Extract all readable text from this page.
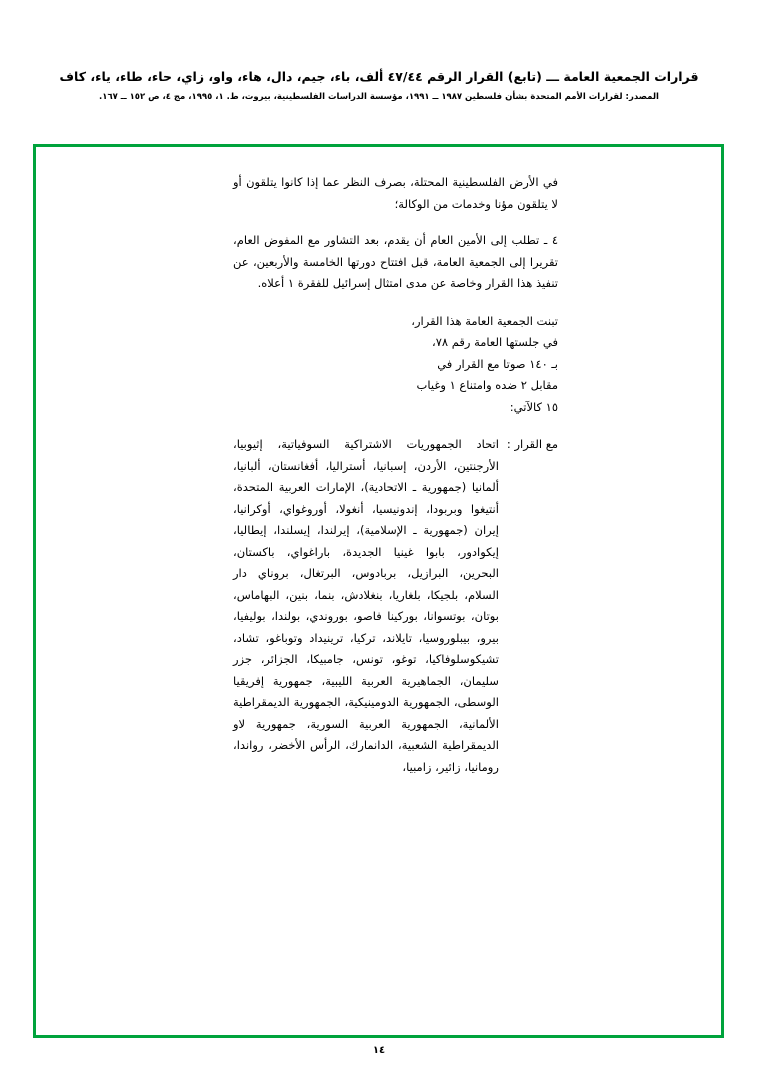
قرارات الجمعية العامة ـــ (تابع) القرار الرقم ٤٧/٤٤ ألف، باء، جيم، دال، هاء، واو، زاي، حاء، طاء، ياء، كاف
المصدر: لقرارات الأمم المتحدة بشأن فلسطين ١٩٨٧ ــ ١٩٩١، مؤسسة الدراسات الفلسطينية، بيروت، ط. ١، ١٩٩٥، مج ٤، ص ١٥٢ ــ ١٦٧.

في الأرض الفلسطينية المحتلة، بصرف النظر عما إذا كانوا يتلقون أو لا يتلقون مؤنا وخدمات من الوكالة؛

٤ ـ تطلب إلى الأمين العام أن يقدم، بعد التشاور مع المفوض العام، تقريرا إلى الجمعية العامة، قبل افتتاح دورتها الخامسة والأربعين، عن تنفيذ هذا القرار وخاصة عن مدى امتثال إسرائيل للفقرة ١ أعلاه.

تبنت الجمعية العامة هذا القرار،
في جلستها العامة رقم ٧٨،
بـ ١٤٠ صوتا مع القرار في
مقابل ٢ ضده وامتناع ١ وغياب
١٥ كالآتي:
مع القرار :
اتحاد الجمهوريات الاشتراكية السوفياتية، إثيوبيا، الأرجنتين، الأردن، إسبانيا، أستراليا، أفغانستان، ألبانيا، ألمانيا (جمهورية ـ الاتحادية)، الإمارات العربية المتحدة، أنتيغوا وبربودا، إندونيسيا، أنغولا، أوروغواي، أوكرانيا، إيران (جمهورية ـ الإسلامية)، إيرلندا، إيسلندا، إيطاليا، إيكوادور، بابوا غينيا الجديدة، باراغواي، باكستان، البحرين، البرازيل، بربادوس، البرتغال، بروناي دار السلام، بلجيكا، بلغاريا، بنغلادش، بنما، بنين، البهاماس، بوتان، بوتسوانا، بوركينا فاصو، بوروندي، بولندا، بوليفيا، بيرو، بيبلوروسيا، تايلاند، تركيا، ترينيداد وتوباغو، تشاد، تشيكوسلوفاكيا، توغو، تونس، جامبيكا، الجزائر، جزر سليمان، الجماهيرية العربية الليبية، جمهورية إفريقيا الوسطى، الجمهورية الدومينيكية، الجمهورية الديمقراطية الألمانية، الجمهورية العربية السورية، جمهورية لاو الديمقراطية الشعبية، الدانمارك، الرأس الأخضر، رواندا، رومانيا، زائير، زامبيا،
١٤
